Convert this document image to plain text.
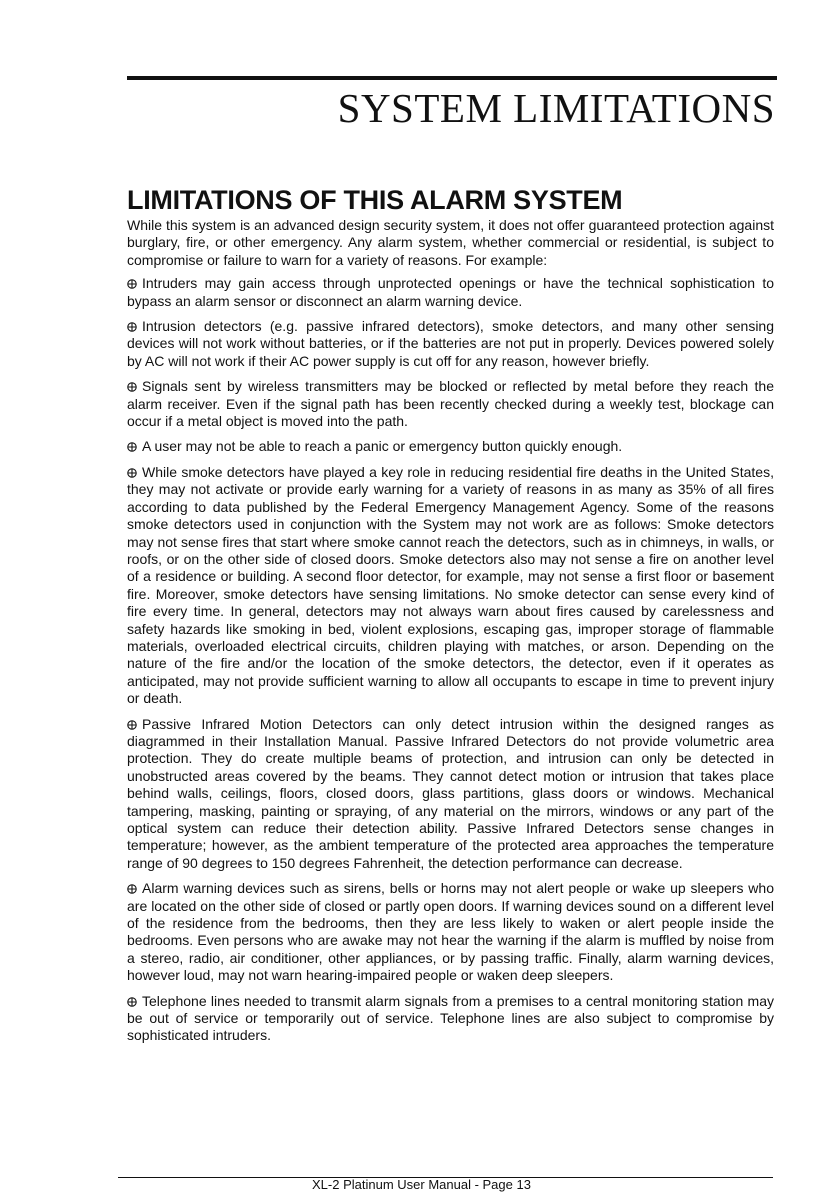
SYSTEM LIMITATIONS
LIMITATIONS OF THIS ALARM SYSTEM

While this system is an advanced design security system, it does not offer guaranteed protection against burglary, fire, or other emergency. Any alarm system, whether commercial or residential, is subject to compromise or failure to warn for a variety of reasons. For example:

Intruders may gain access through unprotected openings or have the technical sophistication to bypass an alarm sensor or disconnect an alarm warning device.

Intrusion detectors (e.g. passive infrared detectors), smoke detectors, and many other sensing devices will not work without batteries, or if the batteries are not put in properly. Devices powered solely by AC will not work if their AC power supply is cut off for any reason, however briefly.

Signals sent by wireless transmitters may be blocked or reflected by metal before they reach the alarm receiver. Even if the signal path has been recently checked during a weekly test, blockage can occur if a metal object is moved into the path.

A user may not be able to reach a panic or emergency button quickly enough.

While smoke detectors have played a key role in reducing residential fire deaths in the United States, they may not activate or provide early warning for a variety of reasons in as many as 35% of all fires according to data published by the Federal Emergency Management Agency. Some of the reasons smoke detectors used in conjunction with the System may not work are as follows: Smoke detectors may not sense fires that start where smoke cannot reach the detectors, such as in chimneys, in walls, or roofs, or on the other side of closed doors. Smoke detectors also may not sense a fire on another level of a residence or building. A second floor detector, for example, may not sense a first floor or basement fire. Moreover, smoke detectors have sensing limitations. No smoke detector can sense every kind of fire every time. In general, detectors may not always warn about fires caused by carelessness and safety hazards like smoking in bed, violent explosions, escaping gas, improper storage of flammable materials, overloaded electrical circuits, children playing with matches, or arson. Depending on the nature of the fire and/or the location of the smoke detectors, the detector, even if it operates as anticipated, may not provide sufficient warning to allow all occupants to escape in time to prevent injury or death.

Passive Infrared Motion Detectors can only detect intrusion within the designed ranges as diagrammed in their Installation Manual. Passive Infrared Detectors do not provide volumetric area protection. They do create multiple beams of protection, and intrusion can only be detected in unobstructed areas covered by the beams. They cannot detect motion or intrusion that takes place behind walls, ceilings, floors, closed doors, glass partitions, glass doors or windows. Mechanical tampering, masking, painting or spraying, of any material on the mirrors, windows or any part of the optical system can reduce their detection ability. Passive Infrared Detectors sense changes in temperature; however, as the ambient temperature of the protected area approaches the temperature range of 90 degrees to 150 degrees Fahrenheit, the detection performance can decrease.

Alarm warning devices such as sirens, bells or horns may not alert people or wake up sleepers who are located on the other side of closed or partly open doors. If warning devices sound on a different level of the residence from the bedrooms, then they are less likely to waken or alert people inside the bedrooms. Even persons who are awake may not hear the warning if the alarm is muffled by noise from a stereo, radio, air conditioner, other appliances, or by passing traffic. Finally, alarm warning devices, however loud, may not warn hearing-impaired people or waken deep sleepers.

Telephone lines needed to transmit alarm signals from a premises to a central monitoring station may be out of service or temporarily out of service. Telephone lines are also subject to compromise by sophisticated intruders.

XL-2 Platinum User Manual - Page 13
